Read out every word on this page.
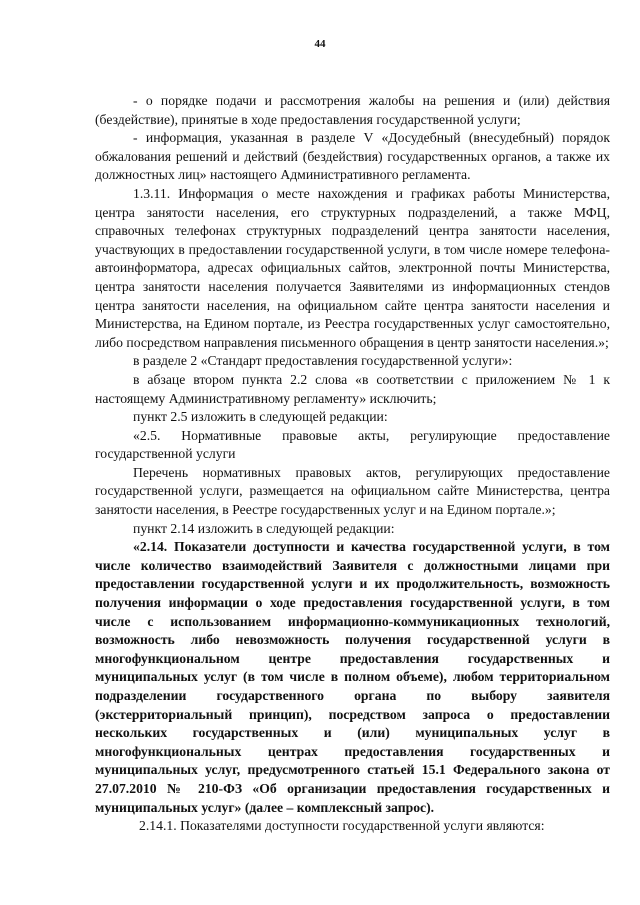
44

- о порядке подачи и рассмотрения жалобы на решения и (или) действия (бездействие), принятые в ходе предоставления государственной услуги;

- информация, указанная в разделе V «Досудебный (внесудебный) порядок обжалования решений и действий (бездействия) государственных органов, а также их должностных лиц» настоящего Административного регламента.

1.3.11. Информация о месте нахождения и графиках работы Министерства, центра занятости населения, его структурных подразделений, а также МФЦ, справочных телефонах структурных подразделений центра занятости населения, участвующих в предоставлении государственной услуги, в том числе номере телефона-автоинформатора, адресах официальных сайтов, электронной почты Министерства, центра занятости населения получается Заявителями из информационных стендов центра занятости населения, на официальном сайте центра занятости населения и Министерства, на Едином портале, из Реестра государственных услуг самостоятельно, либо посредством направления письменного обращения в центр занятости населения.»;

в разделе 2 «Стандарт предоставления государственной услуги»:

в абзаце втором пункта 2.2 слова «в соответствии с приложением № 1 к настоящему Административному регламенту» исключить;

пункт 2.5 изложить в следующей редакции:

«2.5. Нормативные правовые акты, регулирующие предоставление государственной услуги

Перечень нормативных правовых актов, регулирующих предоставление государственной услуги, размещается на официальном сайте Министерства, центра занятости населения, в Реестре государственных услуг и на Едином портале.»;

пункт 2.14 изложить в следующей редакции:

«2.14. Показатели доступности и качества государственной услуги, в том числе количество взаимодействий Заявителя с должностными лицами при предоставлении государственной услуги и их продолжительность, возможность получения информации о ходе предоставления государственной услуги, в том числе с использованием информационно-коммуникационных технологий, возможность либо невозможность получения государственной услуги в многофункциональном центре предоставления государственных и муниципальных услуг (в том числе в полном объеме), любом территориальном подразделении государственного органа по выбору заявителя (экстерриториальный принцип), посредством запроса о предоставлении нескольких государственных и (или) муниципальных услуг в многофункциональных центрах предоставления государственных и муниципальных услуг, предусмотренного статьей 15.1 Федерального закона от 27.07.2010 № 210-ФЗ «Об организации предоставления государственных и муниципальных услуг» (далее – комплексный запрос).

2.14.1. Показателями доступности государственной услуги являются:
